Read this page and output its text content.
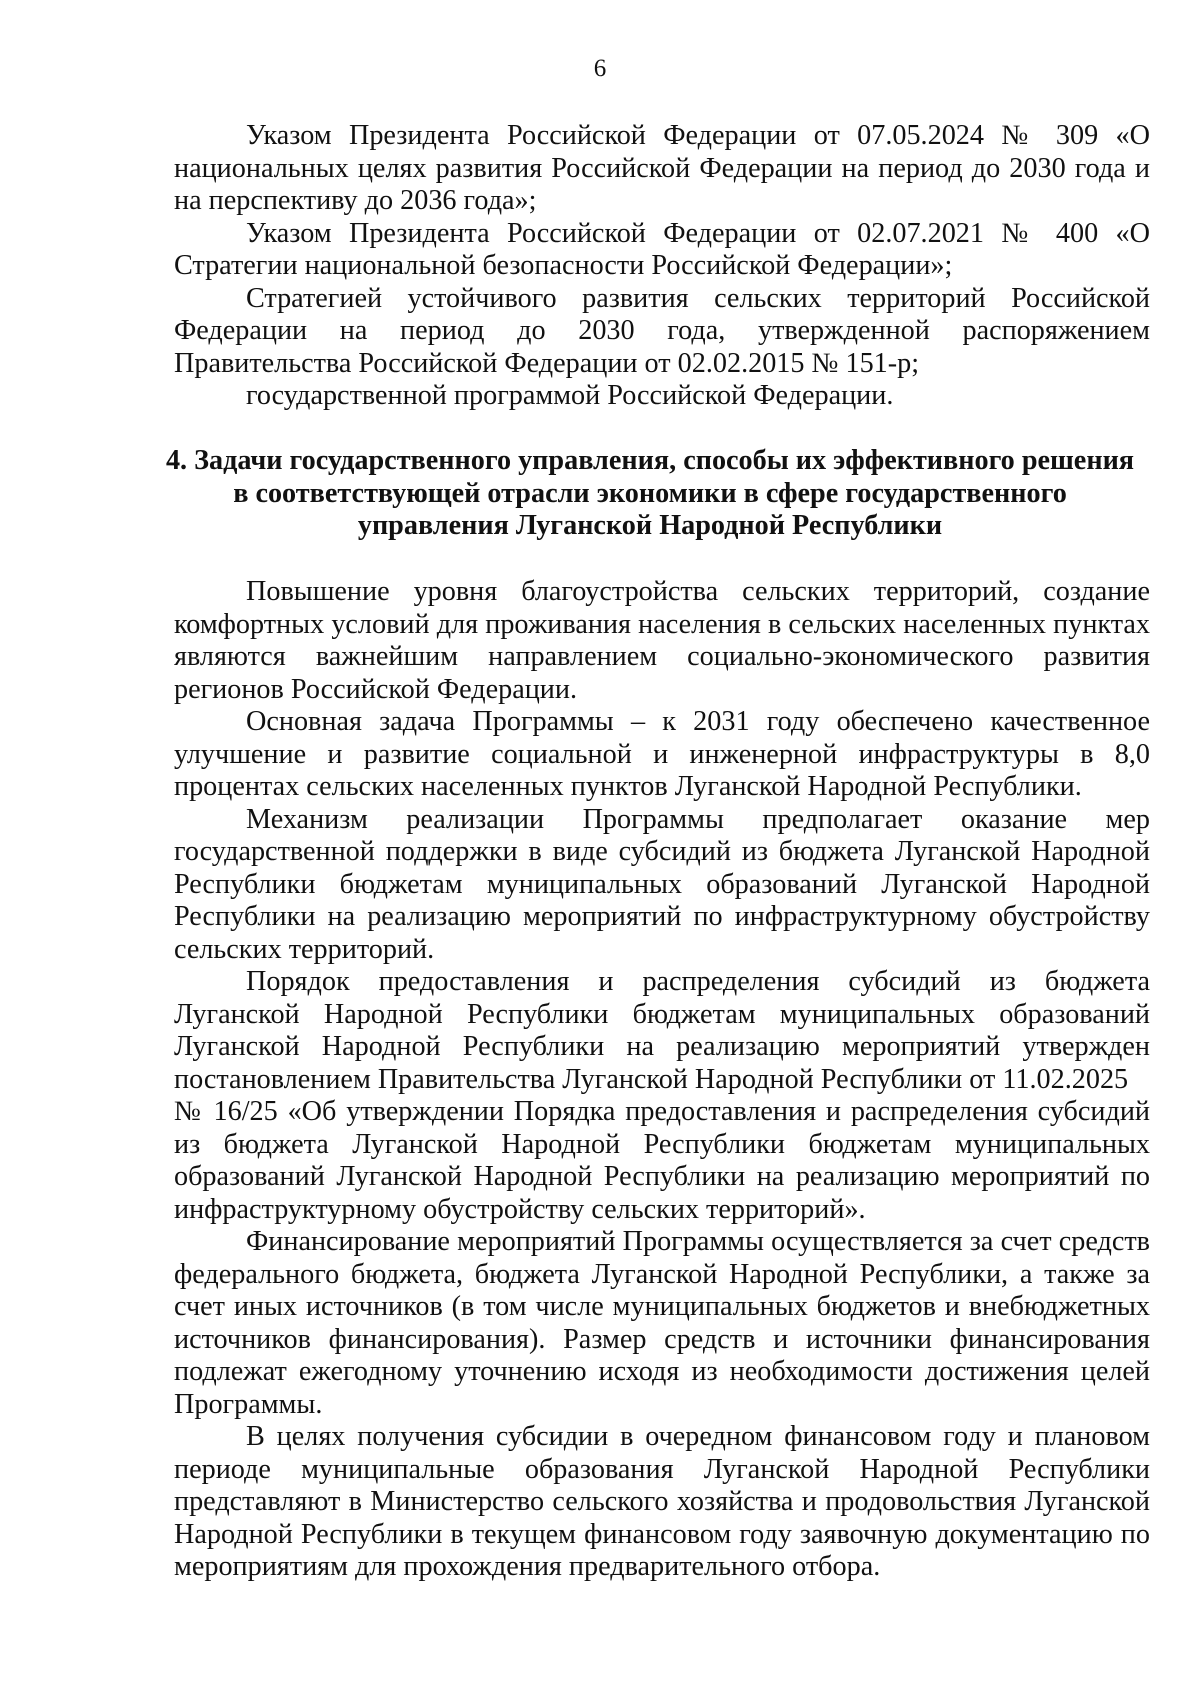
6

Указом Президента Российской Федерации от 07.05.2024 № 309 «О национальных целях развития Российской Федерации на период до 2030 года и на перспективу до 2036 года»;

Указом Президента Российской Федерации от 02.07.2021 № 400 «О Стратегии национальной безопасности Российской Федерации»;

Стратегией устойчивого развития сельских территорий Российской Федерации на период до 2030 года, утвержденной распоряжением Правительства Российской Федерации от 02.02.2015 № 151-р;

государственной программой Российской Федерации.

4. Задачи государственного управления, способы их эффективного решения
в соответствующей отрасли экономики в сфере государственного
управления Луганской Народной Республики

Повышение уровня благоустройства сельских территорий, создание комфортных условий для проживания населения в сельских населенных пунктах являются важнейшим направлением социально-экономического развития регионов Российской Федерации.

Основная задача Программы – к 2031 году обеспечено качественное улучшение и развитие социальной и инженерной инфраструктуры в 8,0 процентах сельских населенных пунктов Луганской Народной Республики.

Механизм реализации Программы предполагает оказание мер государственной поддержки в виде субсидий из бюджета Луганской Народной Республики бюджетам муниципальных образований Луганской Народной Республики на реализацию мероприятий по инфраструктурному обустройству сельских территорий.

Порядок предоставления и распределения субсидий из бюджета Луганской Народной Республики бюджетам муниципальных образований Луганской Народной Республики на реализацию мероприятий утвержден постановлением Правительства Луганской Народной Республики от 11.02.2025

№ 16/25 «Об утверждении Порядка предоставления и распределения субсидий из бюджета Луганской Народной Республики бюджетам муниципальных образований Луганской Народной Республики на реализацию мероприятий по инфраструктурному обустройству сельских территорий».

Финансирование мероприятий Программы осуществляется за счет средств федерального бюджета, бюджета Луганской Народной Республики, а также за счет иных источников (в том числе муниципальных бюджетов и внебюджетных источников финансирования). Размер средств и источники финансирования подлежат ежегодному уточнению исходя из необходимости достижения целей Программы.

В целях получения субсидии в очередном финансовом году и плановом периоде муниципальные образования Луганской Народной Республики представляют в Министерство сельского хозяйства и продовольствия Луганской Народной Республики в текущем финансовом году заявочную документацию по мероприятиям для прохождения предварительного отбора.
